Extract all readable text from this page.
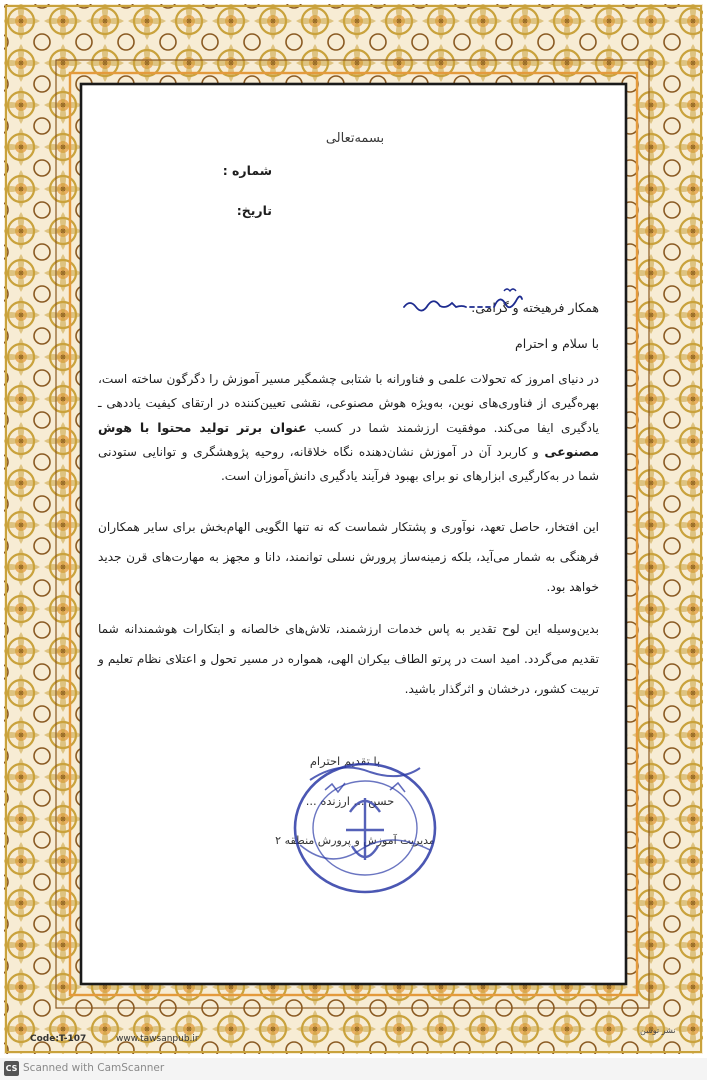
بسمه‌تعالی
شماره :
تاریخ:
همکار فرهیخته و گرامی.
با سلام و احترام
در دنیای امروز که تحولات علمی و فناورانه با شتابی چشمگیر مسیر آموزش را دگرگون ساخته است، بهره‌گیری از فناوری‌های نوین، به‌ویژه هوش مصنوعی، نقشی تعیین‌کننده در ارتقای کیفیت یاددهی ـ یادگیری ایفا می‌کند. موفقیت ارزشمند شما در کسب عنوان برتر تولید محتوا با هوش مصنوعی و کاربرد آن در آموزش نشان‌دهنده نگاه خلاقانه، روحیه پژوهشگری و توانایی ستودنی شما در به‌کارگیری ابزارهای نو برای بهبود فرآیند یادگیری دانش‌آموزان است.
این افتخار، حاصل تعهد، نوآوری و پشتکار شماست که نه تنها الگویی الهام‌بخش برای سایر همکاران فرهنگی به شمار می‌آید، بلکه زمینه‌ساز پرورش نسلی توانمند، دانا و مجهز به مهارت‌های قرن جدید خواهد بود.
بدین‌وسیله این لوح تقدیر به پاس خدمات ارزشمند، تلاش‌های خالصانه و ابتکارات هوشمندانه شما تقدیم می‌گردد. امید است در پرتو الطاف بیکران الهی، همواره در مسیر تحول و اعتلای نظام تعلیم و تربیت کشور، درخشان و اثرگذار باشید.
با تقدیم احترام
حسن ... ارزنده ...
مدیریت آموزش و پرورش منطقه ۲
Code:T-107	www.tawsanpub.ir
نشر توسن
CS Scanned with CamScanner
